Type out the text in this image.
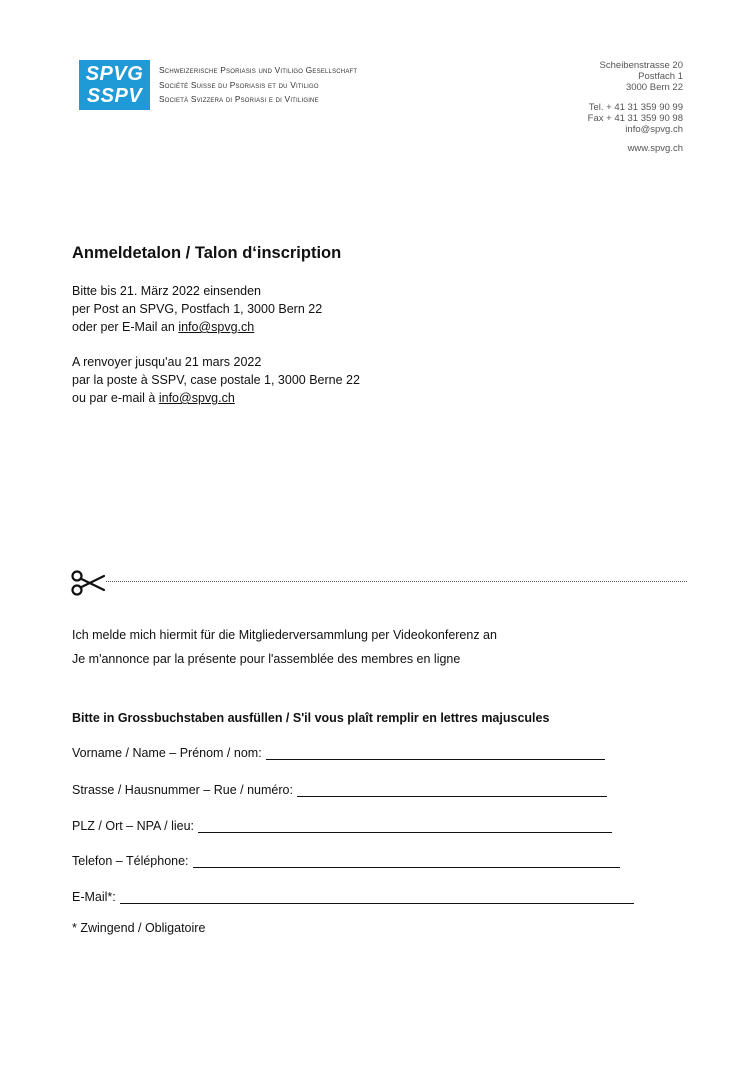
SPVG
SSPV
Schweizerische Psoriasis und Vitiligo Gesellschaft
Société Suisse du Psoriasis et du Vitiligo
Società Svizzera di Psoriasi e di Vitiligine
Scheibenstrasse 20
Postfach 1
3000 Bern 22
Tel. + 41 31 359 90 99
Fax + 41 31 359 90 98
info@spvg.ch
www.spvg.ch
Anmeldetalon / Talon d‘inscription
Bitte bis 21. März 2022 einsenden
per Post an SPVG, Postfach 1, 3000 Bern 22
oder per E-Mail an info@spvg.ch
A renvoyer jusqu'au 21 mars 2022
par la poste à SSPV, case postale 1, 3000 Berne 22
ou par e-mail à info@spvg.ch
Ich melde mich hiermit für die Mitgliederversammlung per Videokonferenz an
Je m'annonce par la présente pour l'assemblée des membres en ligne
Bitte in Grossbuchstaben ausfüllen / S'il vous plaît remplir en lettres majuscules
Vorname / Name – Prénom / nom:
Strasse / Hausnummer – Rue / numéro:
PLZ / Ort – NPA / lieu:
Telefon – Téléphone:
E-Mail*:
* Zwingend / Obligatoire
